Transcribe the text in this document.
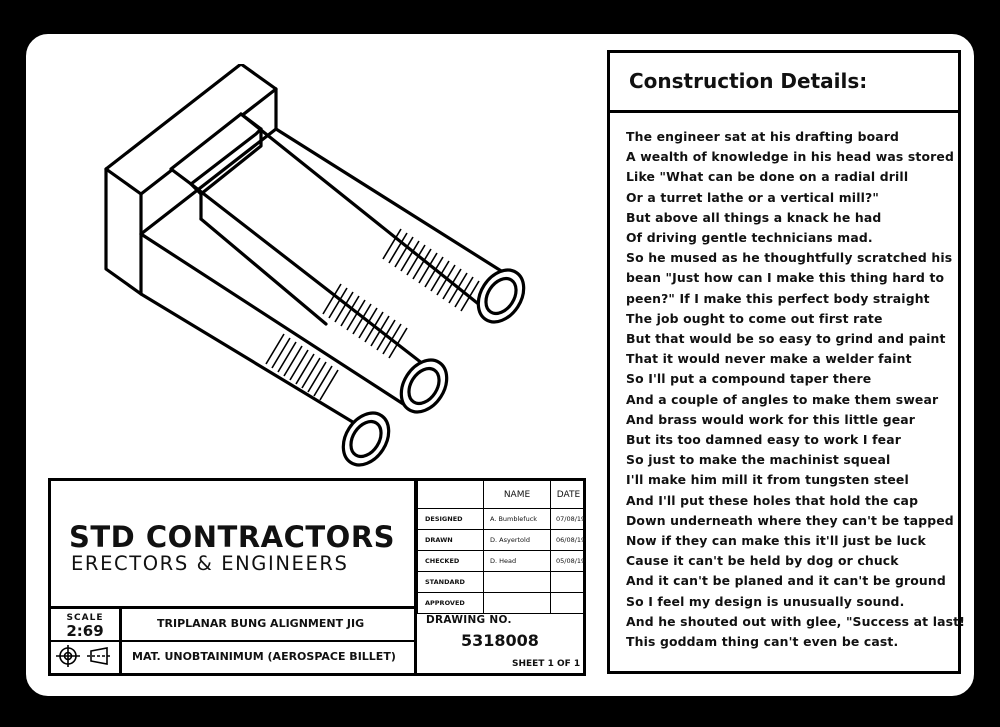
Construction Details:
The engineer sat at his drafting board
A wealth of knowledge in his head was stored
Like "What can be done on a radial drill
Or a turret lathe or a vertical mill?"
But above all things a knack he had
Of driving gentle technicians mad.
So he mused as he thoughtfully scratched his
bean "Just how can I make this thing hard to
peen?" If I make this perfect body straight
The job ought to come out first rate
But that would be so easy to grind and paint
That it would never make a welder faint
So I'll put a compound taper there
And a couple of angles to make them swear
And brass would work for this little gear
But its too damned easy to work I fear
So just to make the machinist squeal
I'll make him mill it from tungsten steel
And I'll put these holes that hold the cap
Down underneath where they can't be tapped
Now if they can make this it'll just be luck
Cause it can't be held by dog or chuck
And it can't be planed and it can't be ground
So I feel my design is unusually sound.
And he shouted out with glee, "Success at last!
This goddam thing can't even be cast.
STD CONTRACTORS
ERECTORS & ENGINEERS
	NAME	DATE
DESIGNED	A. Bumblefuck	07/08/19
DRAWN	D. Asyertold	06/08/19
CHECKED	D. Head	05/08/19
STANDARD		
APPROVED		
SCALE
2:69	TRIPLANAR BUNG ALIGNMENT JIG
MAT. UNOBTAINIMUM (AEROSPACE BILLET)
DRAWING NO.
5318008
SHEET 1 OF 1
